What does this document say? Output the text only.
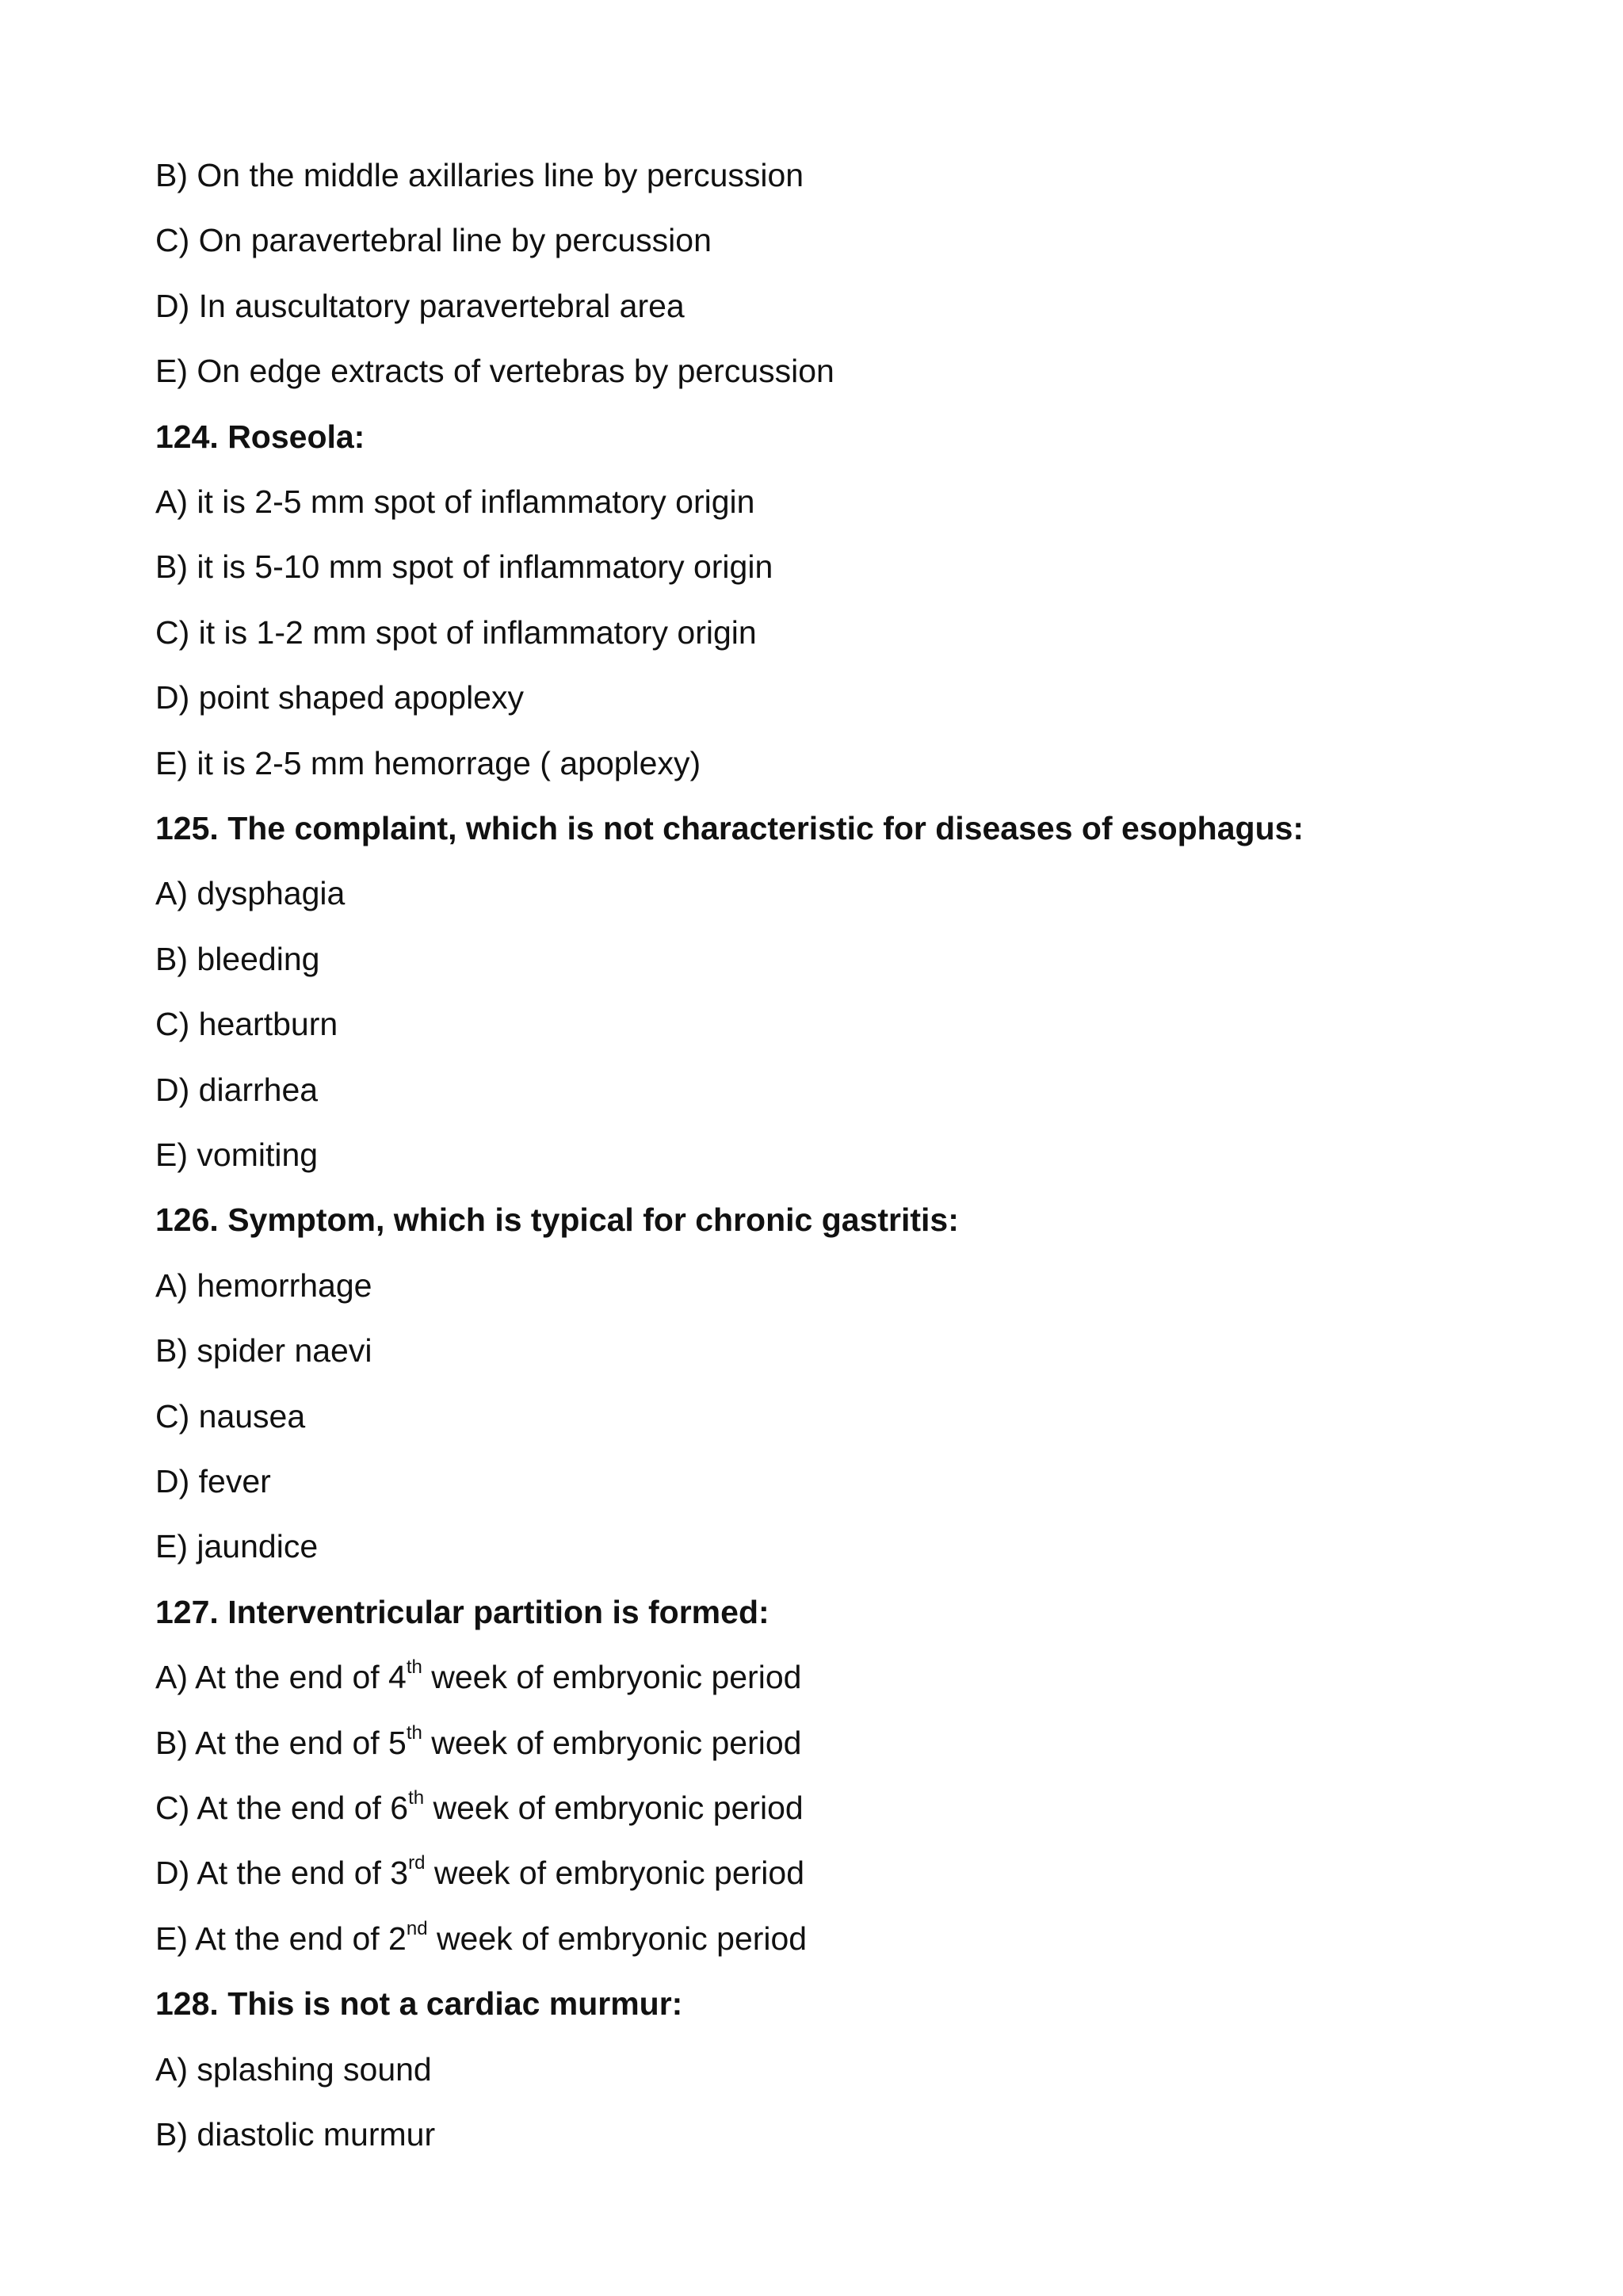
B) On the middle axillaries line by percussion

C) On paravertebral line by percussion

D) In auscultatory paravertebral area

E) On edge extracts of vertebras by percussion

124. Roseola:

A) it is 2-5 mm spot of inflammatory origin

B) it is 5-10 mm spot of inflammatory origin

C) it is 1-2 mm spot of inflammatory origin

D) point shaped apoplexy

E) it is 2-5 mm hemorrage ( apoplexy)

125. The complaint, which is not characteristic for diseases of esophagus:

A) dysphagia

B) bleeding

C) heartburn

D) diarrhea

E) vomiting

126. Symptom, which is typical for chronic gastritis:

A) hemorrhage

B) spider naevi

C) nausea

D) fever

E) jaundice

127. Interventricular partition is formed:

A) At the end of 4th week of embryonic period

B) At the end of 5th week of embryonic period

C) At the end of 6th week of embryonic period

D) At the end of 3rd week of embryonic period

E) At the end of 2nd week of embryonic period

128. This is not a cardiac murmur:

A) splashing sound

B) diastolic murmur
